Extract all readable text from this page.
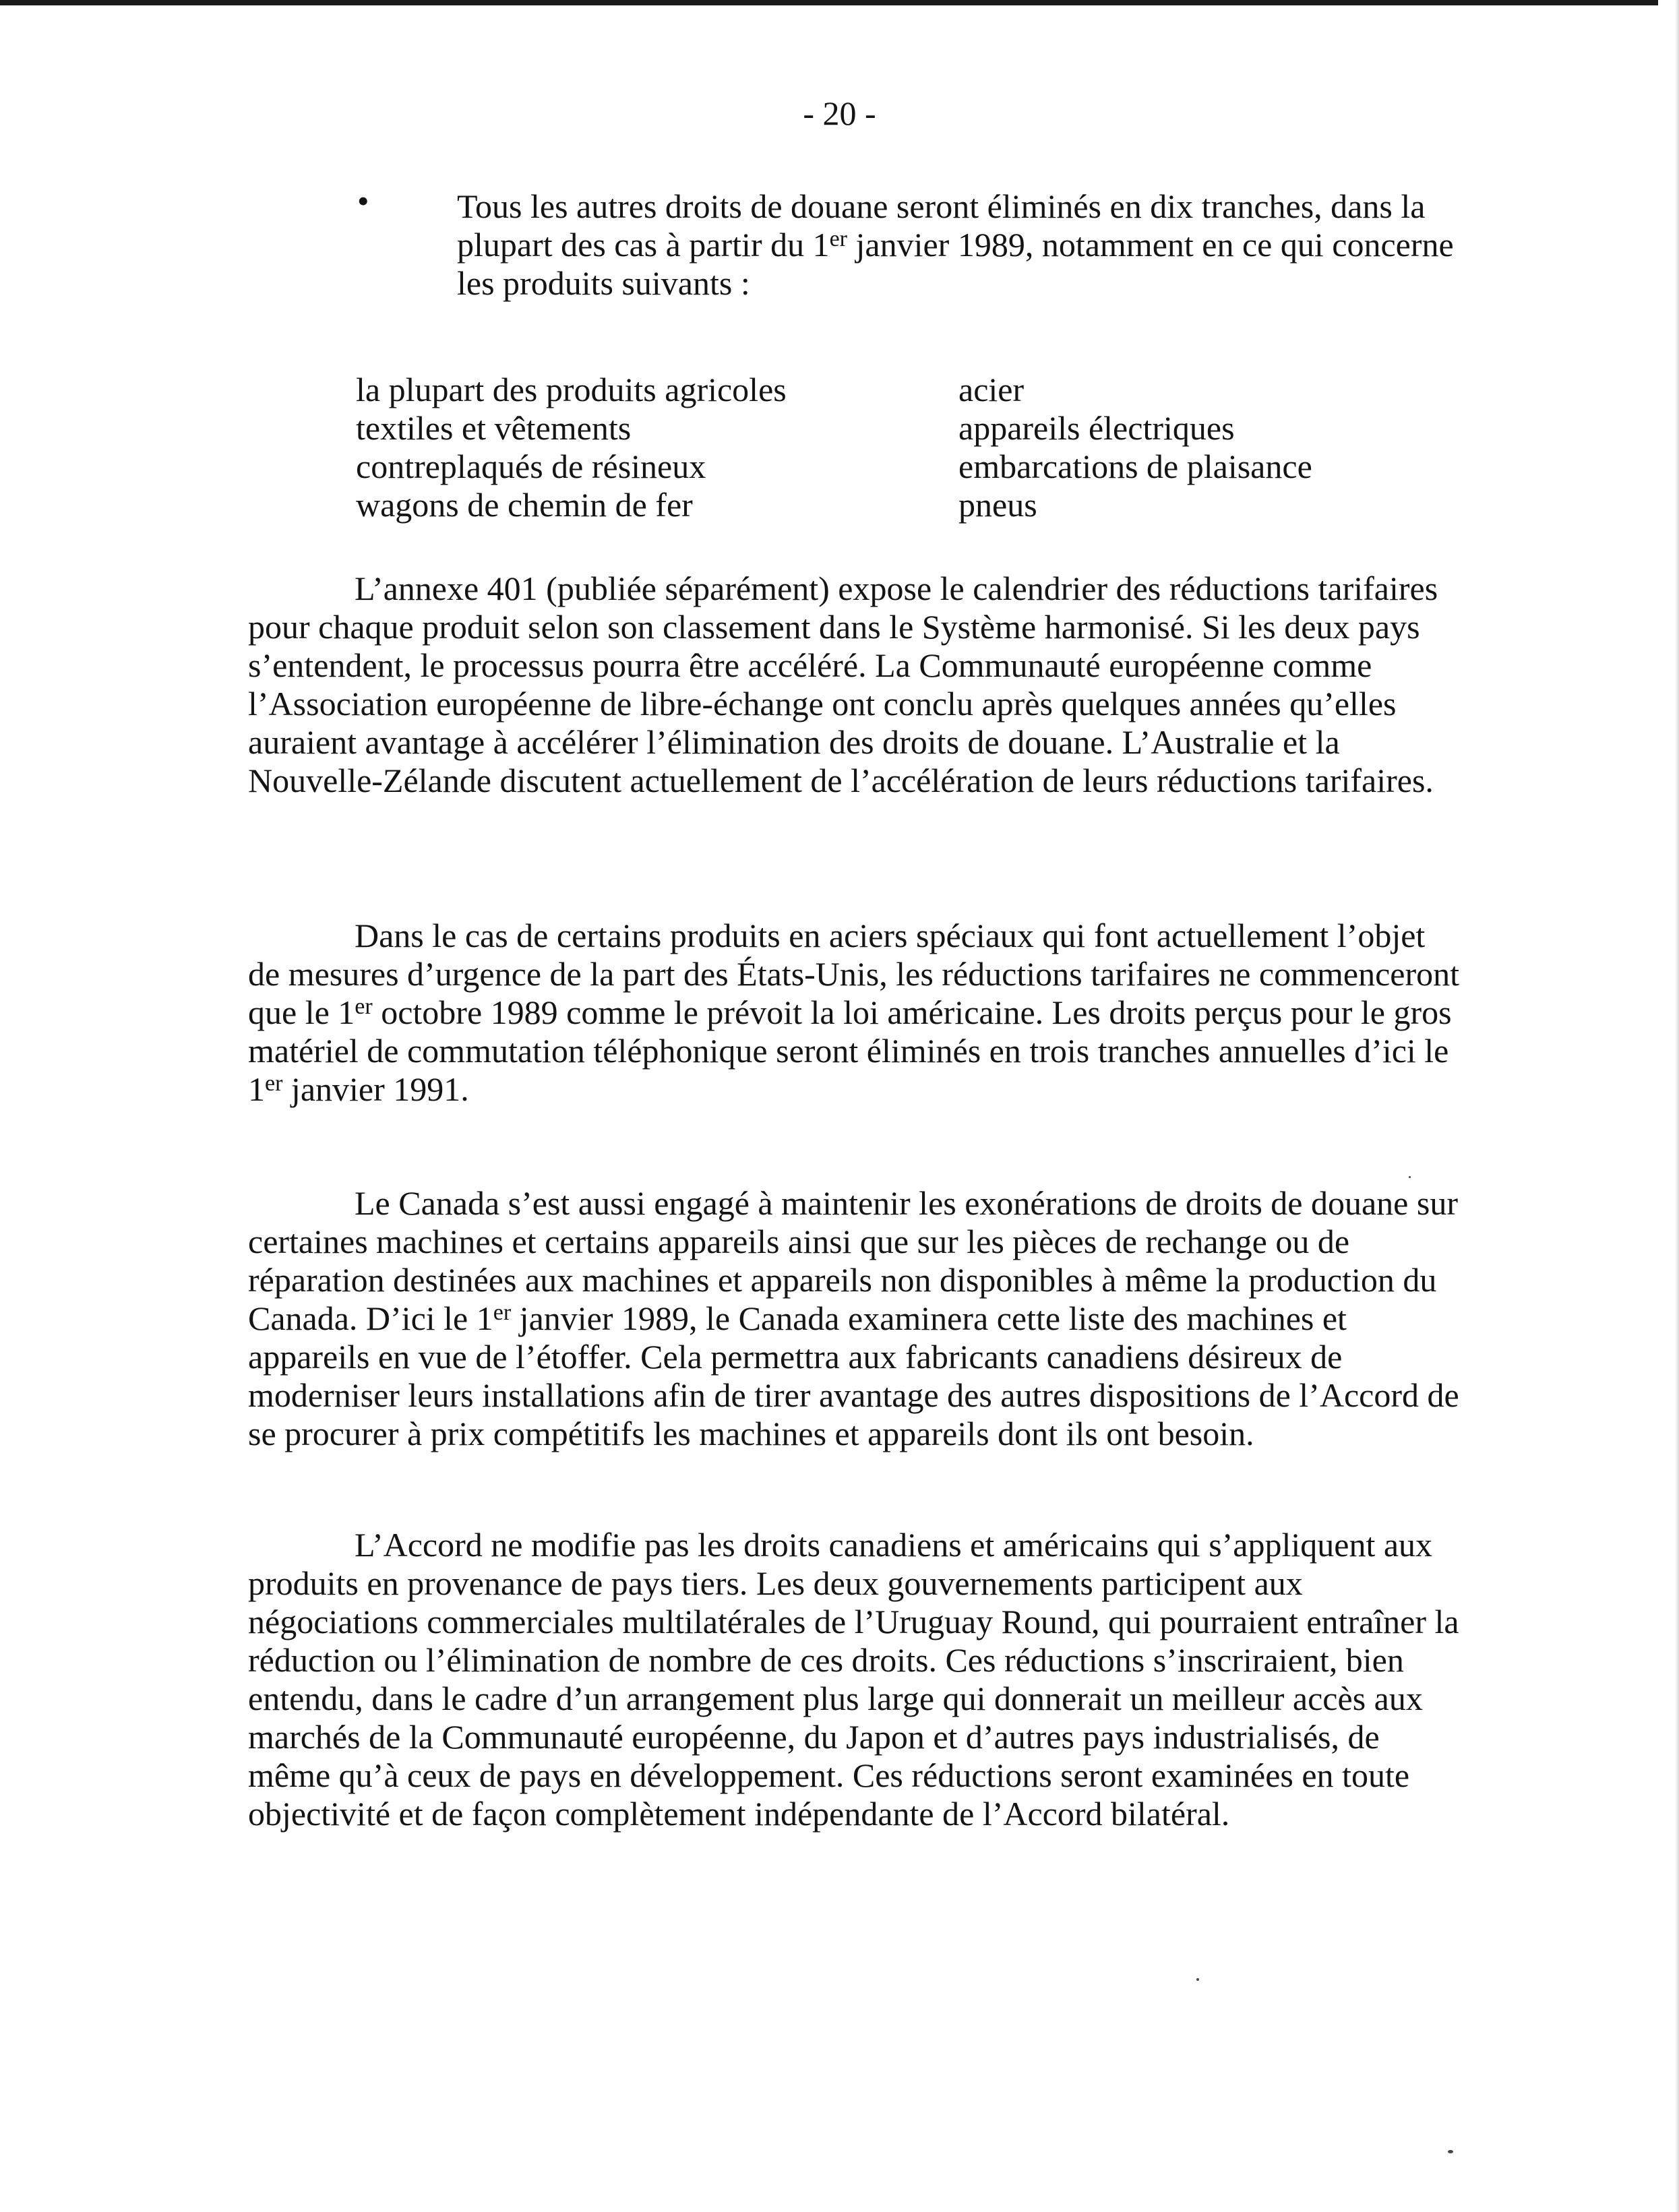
- 20 -
•	Tous les autres droits de douane seront éliminés en dix tranches, dans la plupart des cas à partir du 1er janvier 1989, notamment en ce qui concerne les produits suivants :

la plupart des produits agricoles
textiles et vêtements
contreplaqués de résineux
wagons de chemin de fer
acier
appareils électriques
embarcations de plaisance
pneus

L’annexe 401 (publiée séparément) expose le calendrier des réductions tarifaires pour chaque produit selon son classement dans le Système harmonisé. Si les deux pays s’entendent, le processus pourra être accéléré. La Communauté européenne comme l’Association européenne de libre-échange ont conclu après quelques années qu’elles auraient avantage à accélérer l’élimination des droits de douane. L’Australie et la Nouvelle-Zélande discutent actuellement de l’accélération de leurs réductions tarifaires.

Dans le cas de certains produits en aciers spéciaux qui font actuellement l’objet de mesures d’urgence de la part des États-Unis, les réductions tarifaires ne commenceront que le 1er octobre 1989 comme le prévoit la loi américaine. Les droits perçus pour le gros matériel de commutation téléphonique seront éliminés en trois tranches annuelles d’ici le 1er janvier 1991.

Le Canada s’est aussi engagé à maintenir les exonérations de droits de douane sur certaines machines et certains appareils ainsi que sur les pièces de rechange ou de réparation destinées aux machines et appareils non disponibles à même la production du Canada. D’ici le 1er janvier 1989, le Canada examinera cette liste des machines et appareils en vue de l’étoffer. Cela permettra aux fabricants canadiens désireux de moderniser leurs installations afin de tirer avantage des autres dispositions de l’Accord de se procurer à prix compétitifs les machines et appareils dont ils ont besoin.

L’Accord ne modifie pas les droits canadiens et américains qui s’appliquent aux produits en provenance de pays tiers. Les deux gouvernements participent aux négociations commerciales multilatérales de l’Uruguay Round, qui pourraient entraîner la réduction ou l’élimination de nombre de ces droits. Ces réductions s’inscriraient, bien entendu, dans le cadre d’un arrangement plus large qui donnerait un meilleur accès aux marchés de la Communauté européenne, du Japon et d’autres pays industrialisés, de même qu’à ceux de pays en développement. Ces réductions seront examinées en toute objectivité et de façon complètement indépendante de l’Accord bilatéral.
